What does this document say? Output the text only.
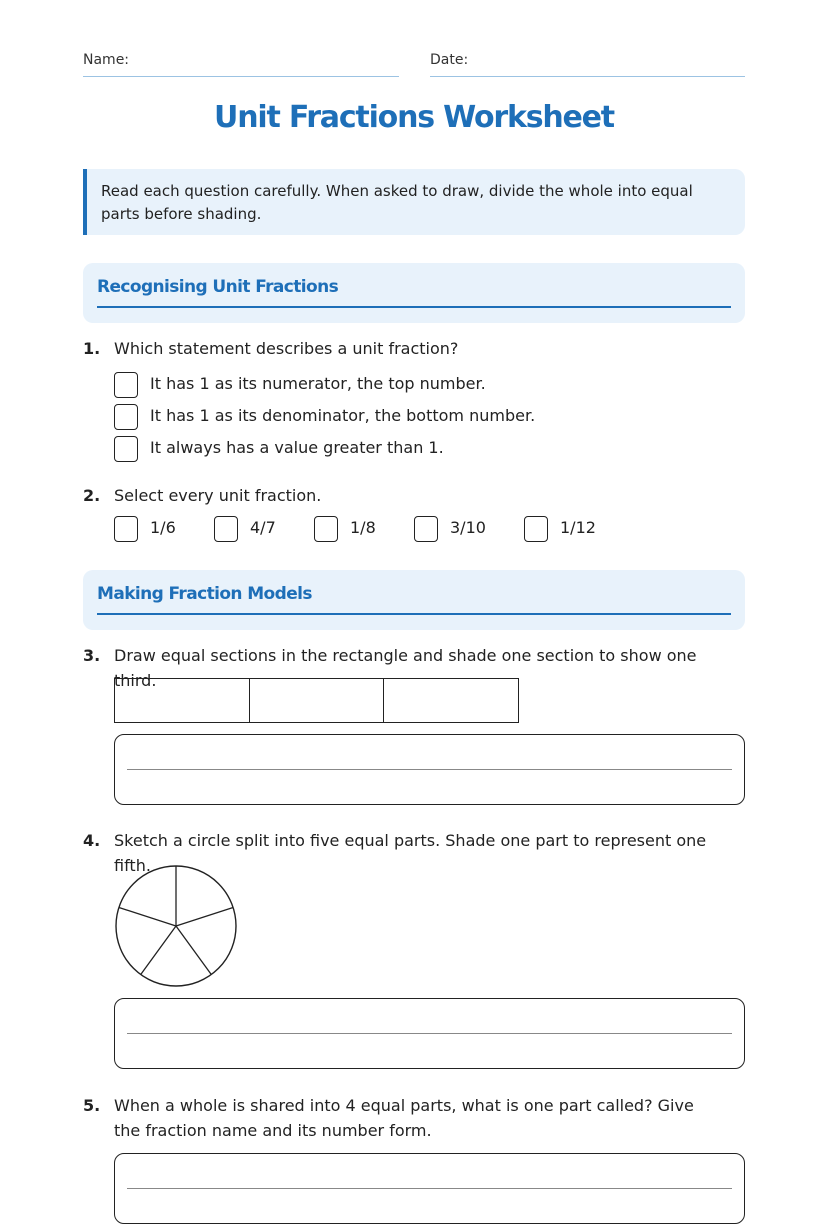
Name:	Date:
Unit Fractions Worksheet
Read each question carefully. When asked to draw, divide the whole into equal parts before shading.
Recognising Unit Fractions
1. Which statement describes a unit fraction?
It has 1 as its numerator, the top number.
It has 1 as its denominator, the bottom number.
It always has a value greater than 1.
2. Select every unit fraction.
1/6	4/7	1/8	3/10	1/12
Making Fraction Models
3. Draw equal sections in the rectangle and shade one section to show one third.
4. Sketch a circle split into five equal parts. Shade one part to represent one fifth.
5. When a whole is shared into 4 equal parts, what is one part called? Give the fraction name and its number form.
